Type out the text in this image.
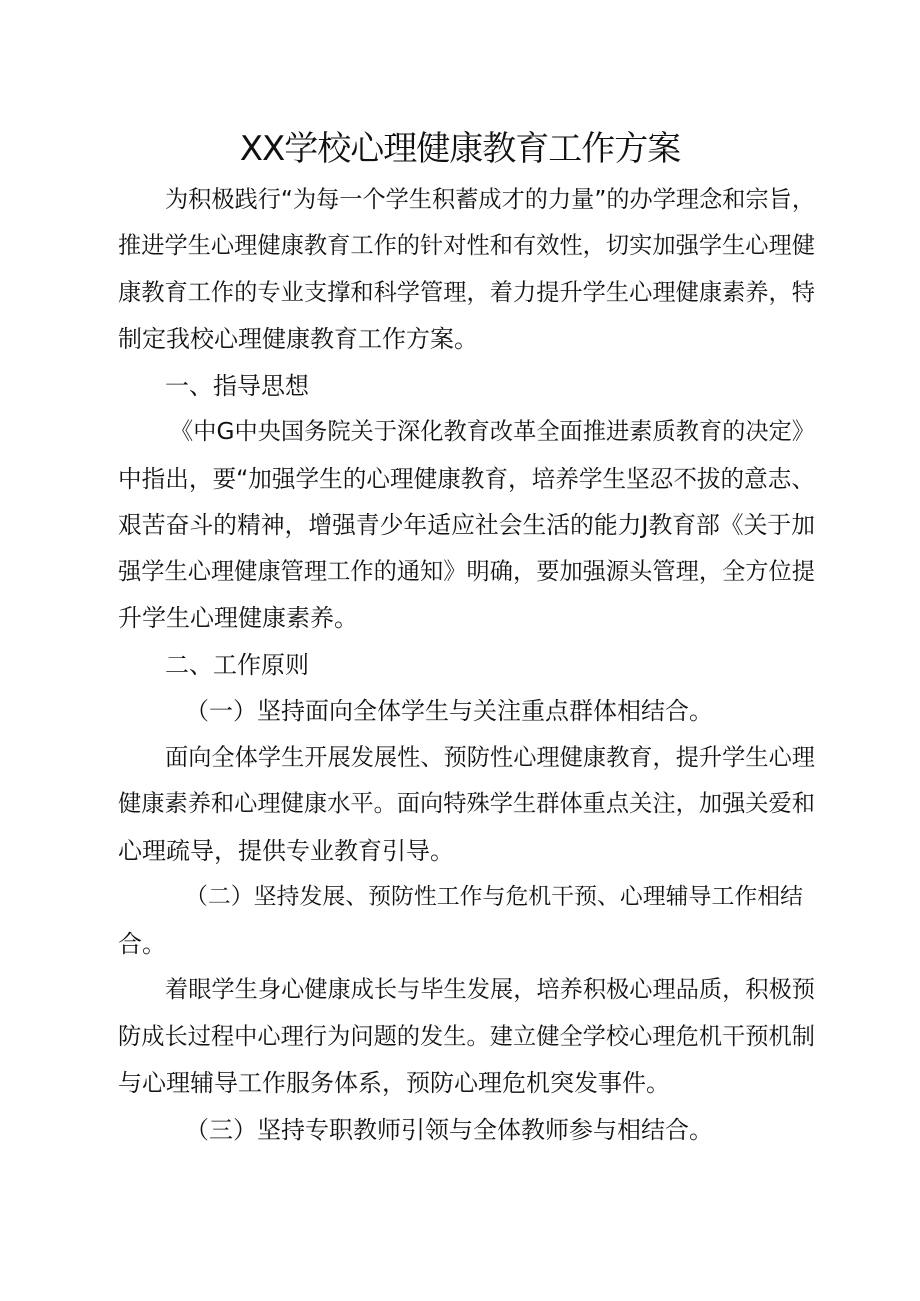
XX学校心理健康教育工作方案
为积极践行“为每一个学生积蓄成才的力量”的办学理念和宗旨，
推进学生心理健康教育工作的针对性和有效性，切实加强学生心理健
康教育工作的专业支撑和科学管理，着力提升学生心理健康素养，特
制定我校心理健康教育工作方案。
一、指导思想
《中G中央国务院关于深化教育改革全面推进素质教育的决定》
中指出，要“加强学生的心理健康教育，培养学生坚忍不拔的意志、
艰苦奋斗的精神，增强青少年适应社会生活的能力J教育部《关于加
强学生心理健康管理工作的通知》明确，要加强源头管理，全方位提
升学生心理健康素养。
二、工作原则
（一）坚持面向全体学生与关注重点群体相结合。
面向全体学生开展发展性、预防性心理健康教育，提升学生心理
健康素养和心理健康水平。面向特殊学生群体重点关注，加强关爱和
心理疏导，提供专业教育引导。
（二）坚持发展、预防性工作与危机干预、心理辅导工作相结
合。
着眼学生身心健康成长与毕生发展，培养积极心理品质，积极预
防成长过程中心理行为问题的发生。建立健全学校心理危机干预机制
与心理辅导工作服务体系，预防心理危机突发事件。
（三）坚持专职教师引领与全体教师参与相结合。
